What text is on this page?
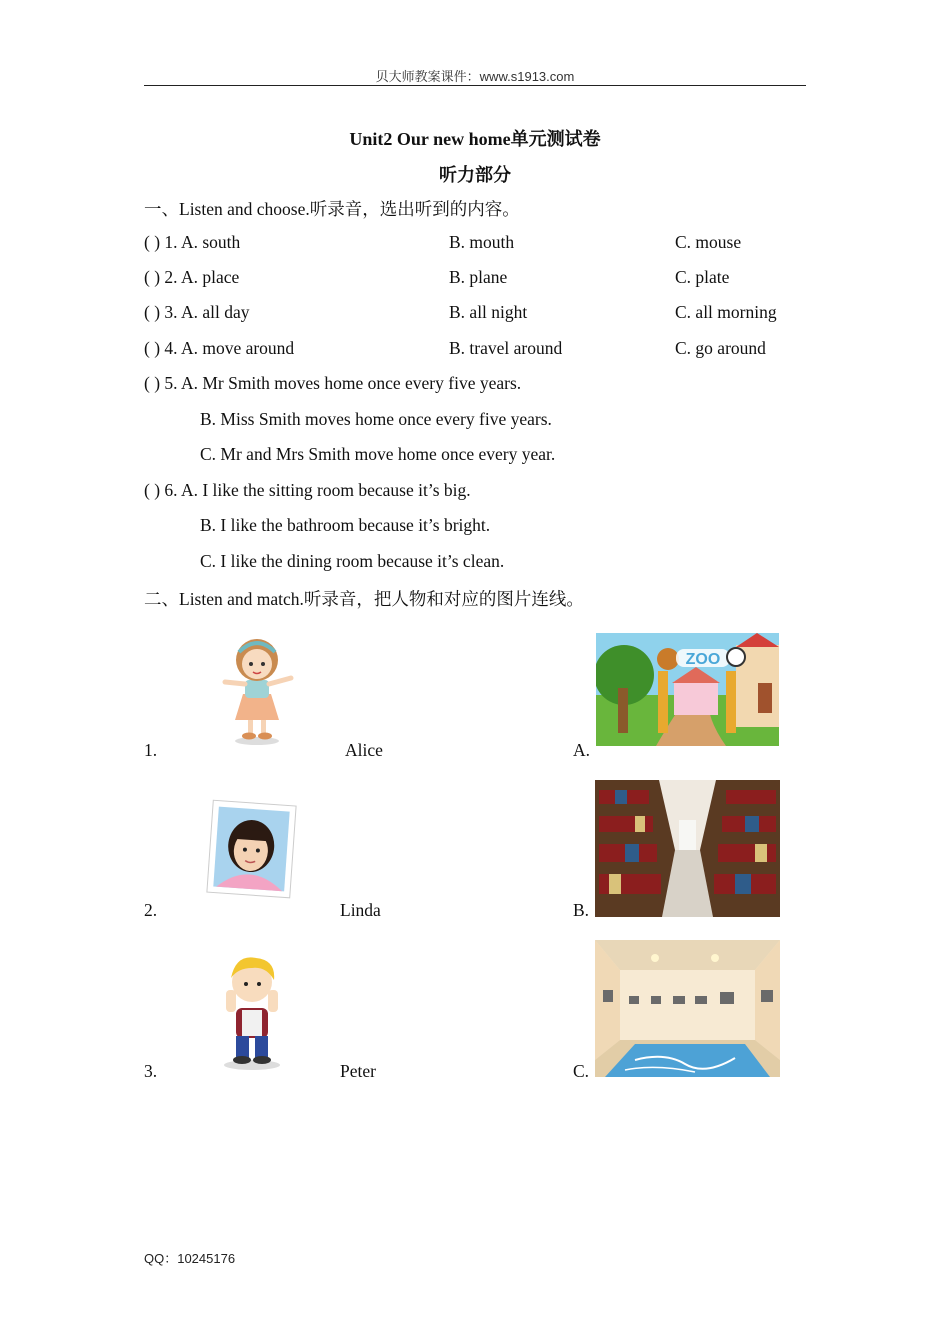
贝大师教案课件：www.s1913.com
Unit2 Our new home单元测试卷
听力部分
一、Listen and choose.听录音，选出听到的内容。
( ) 1. A. south	B. mouth	C. mouse
( ) 2. A. place	B. plane	C. plate
( ) 3. A. all day	B. all night	C. all morning
( ) 4. A. move around	B. travel around	C. go around
( ) 5. A. Mr Smith moves home once every five years.
B. Miss Smith moves home once every five years.
C. Mr and Mrs Smith move home once every year.
( ) 6. A. I like the sitting room because it’s big.
B. I like the bathroom because it’s bright.
C. I like the dining room because it’s clean.
二、Listen and match.听录音，把人物和对应的图片连线。
1.	Alice	A.
ZOO
2.	Linda	B.
3.	Peter	C.
QQ：10245176
